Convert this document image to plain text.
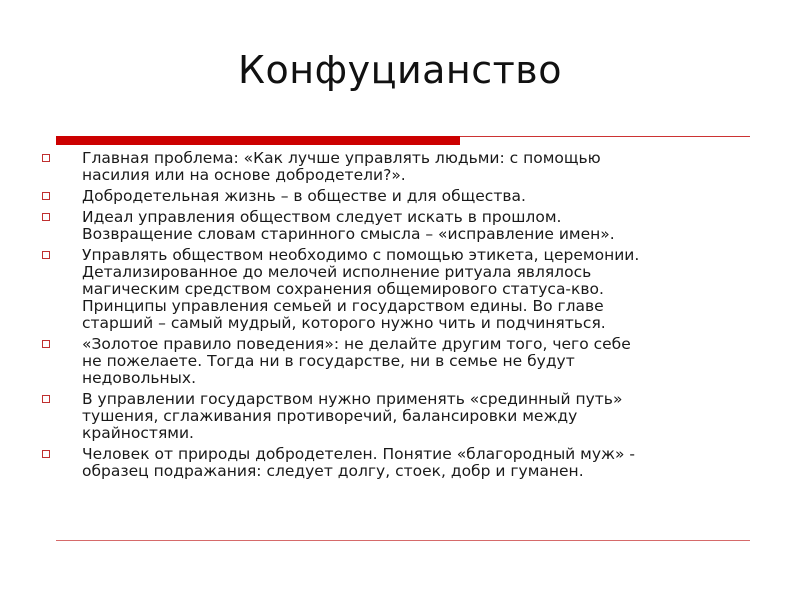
Конфуцианство
Главная проблема: «Как лучше управлять людьми: с помощью
насилия или на основе добродетели?».
Добродетельная жизнь – в обществе и для общества.
Идеал управления обществом следует искать в прошлом.
Возвращение словам старинного смысла – «исправление имен».
Управлять обществом необходимо с помощью этикета, церемонии.
Детализированное до мелочей исполнение ритуала являлось
магическим средством сохранения общемирового статуса-кво.
Принципы управления семьей и государством едины. Во главе
старший – самый мудрый, которого нужно чить и подчиняться.
«Золотое правило поведения»: не делайте другим того, чего себе
не пожелаете. Тогда ни в государстве, ни в семье не будут
недовольных.
В управлении государством нужно применять «срединный путь»
тушения, сглаживания противоречий, балансировки между
крайностями.
Человек от природы добродетелен. Понятие «благородный муж» -
образец подражания: следует долгу, стоек, добр и гуманен.
